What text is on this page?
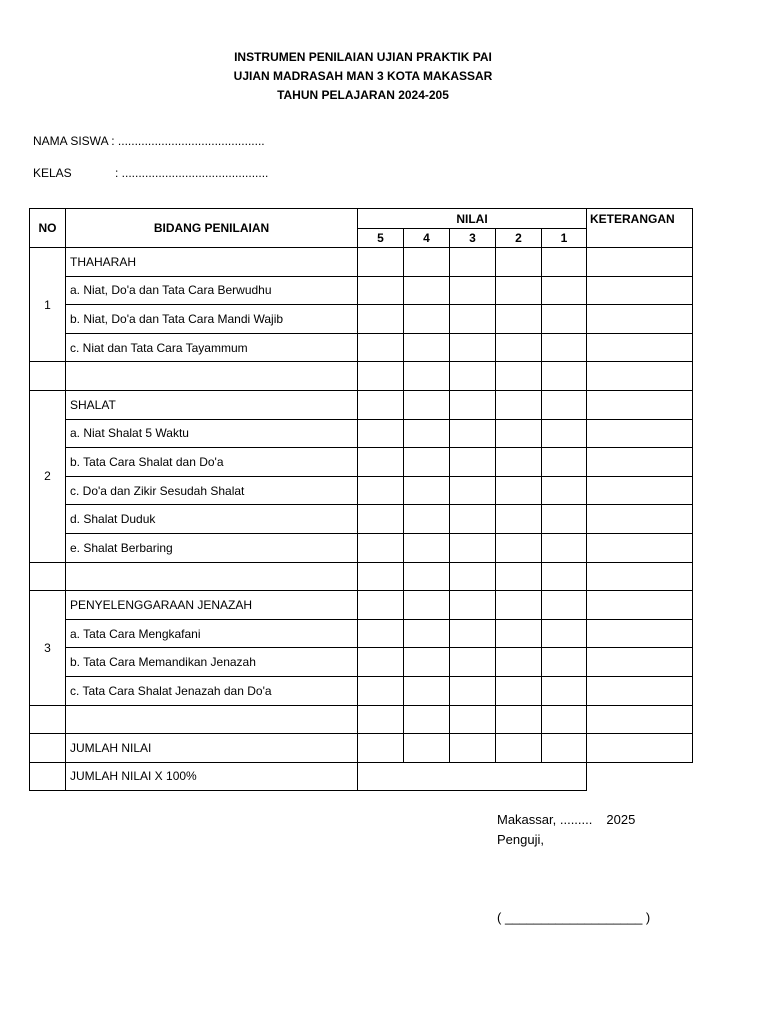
INSTRUMEN PENILAIAN UJIAN PRAKTIK PAI
UJIAN MADRASAH MAN 3 KOTA MAKASSAR
TAHUN PELAJARAN 2024-205
NAMA SISWA : ............................................
KELAS	: ............................................
NO	BIDANG PENILAIAN	NILAI					KETERANGAN
		5	4	3	2	1	
1	THAHARAH						
	a. Niat, Do'a dan Tata Cara Berwudhu						
	b. Niat, Do'a dan Tata Cara Mandi Wajib						
	c. Niat dan Tata Cara Tayammum						

2	SHALAT						
	a. Niat Shalat 5 Waktu						
	b. Tata Cara Shalat dan Do'a						
	c. Do'a dan Zikir Sesudah Shalat						
	d. Shalat Duduk						
	e. Shalat Berbaring						

3	PENYELENGGARAAN JENAZAH						
	a. Tata Cara Mengkafani						
	b. Tata Cara Memandikan Jenazah						
	c. Tata Cara Shalat Jenazah dan Do'a						

	JUMLAH NILAI						
	JUMLAH NILAI X 100%						
Makassar, ......... 2025
Penguji,
( ___________________ )
